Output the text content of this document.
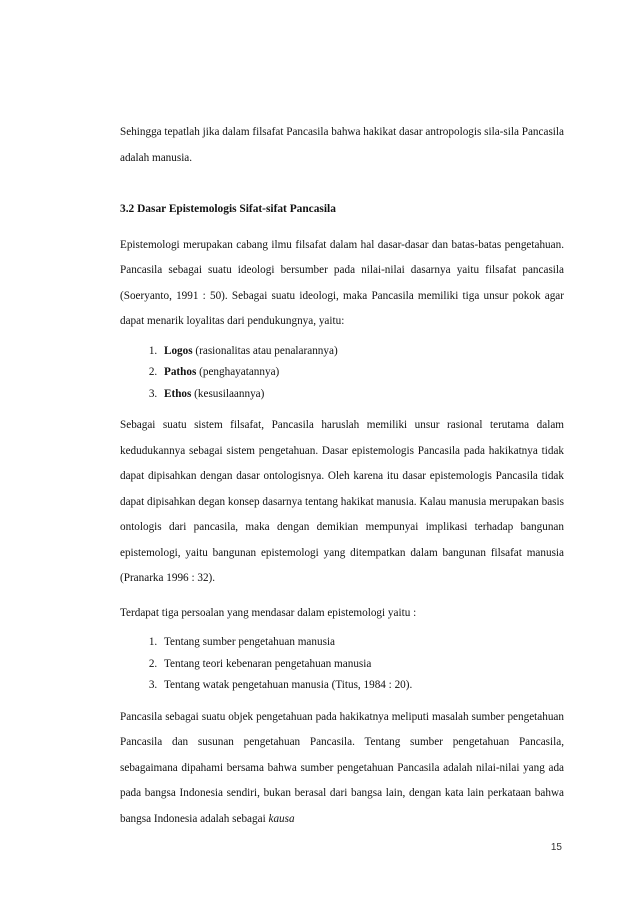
Sehingga tepatlah jika dalam filsafat Pancasila bahwa hakikat dasar antropologis sila-sila Pancasila adalah manusia.

3.2 Dasar Epistemologis Sifat-sifat Pancasila

Epistemologi merupakan cabang ilmu filsafat dalam hal dasar-dasar dan batas-batas pengetahuan. Pancasila sebagai suatu ideologi bersumber pada nilai-nilai dasarnya yaitu filsafat pancasila (Soeryanto, 1991 : 50). Sebagai suatu ideologi, maka Pancasila memiliki tiga unsur pokok agar dapat menarik loyalitas dari pendukungnya, yaitu:

1. Logos (rasionalitas atau penalarannya)
2. Pathos (penghayatannya)
3. Ethos (kesusilaannya)

Sebagai suatu sistem filsafat, Pancasila haruslah memiliki unsur rasional terutama dalam kedudukannya sebagai sistem pengetahuan. Dasar epistemologis Pancasila pada hakikatnya tidak dapat dipisahkan dengan dasar ontologisnya. Oleh karena itu dasar epistemologis Pancasila tidak dapat dipisahkan degan konsep dasarnya tentang hakikat manusia. Kalau manusia merupakan basis ontologis dari pancasila, maka dengan demikian mempunyai implikasi terhadap bangunan epistemologi, yaitu bangunan epistemologi yang ditempatkan dalam bangunan filsafat manusia (Pranarka 1996 : 32).

Terdapat tiga persoalan yang mendasar dalam epistemologi yaitu :

1. Tentang sumber pengetahuan manusia
2. Tentang teori kebenaran pengetahuan manusia
3. Tentang watak pengetahuan manusia (Titus, 1984 : 20).

Pancasila sebagai suatu objek pengetahuan pada hakikatnya meliputi masalah sumber pengetahuan Pancasila dan susunan pengetahuan Pancasila. Tentang sumber pengetahuan Pancasila, sebagaimana dipahami bersama bahwa sumber pengetahuan Pancasila adalah nilai-nilai yang ada pada bangsa Indonesia sendiri, bukan berasal dari bangsa lain, dengan kata lain perkataan bahwa bangsa Indonesia adalah sebagai kausa

15
